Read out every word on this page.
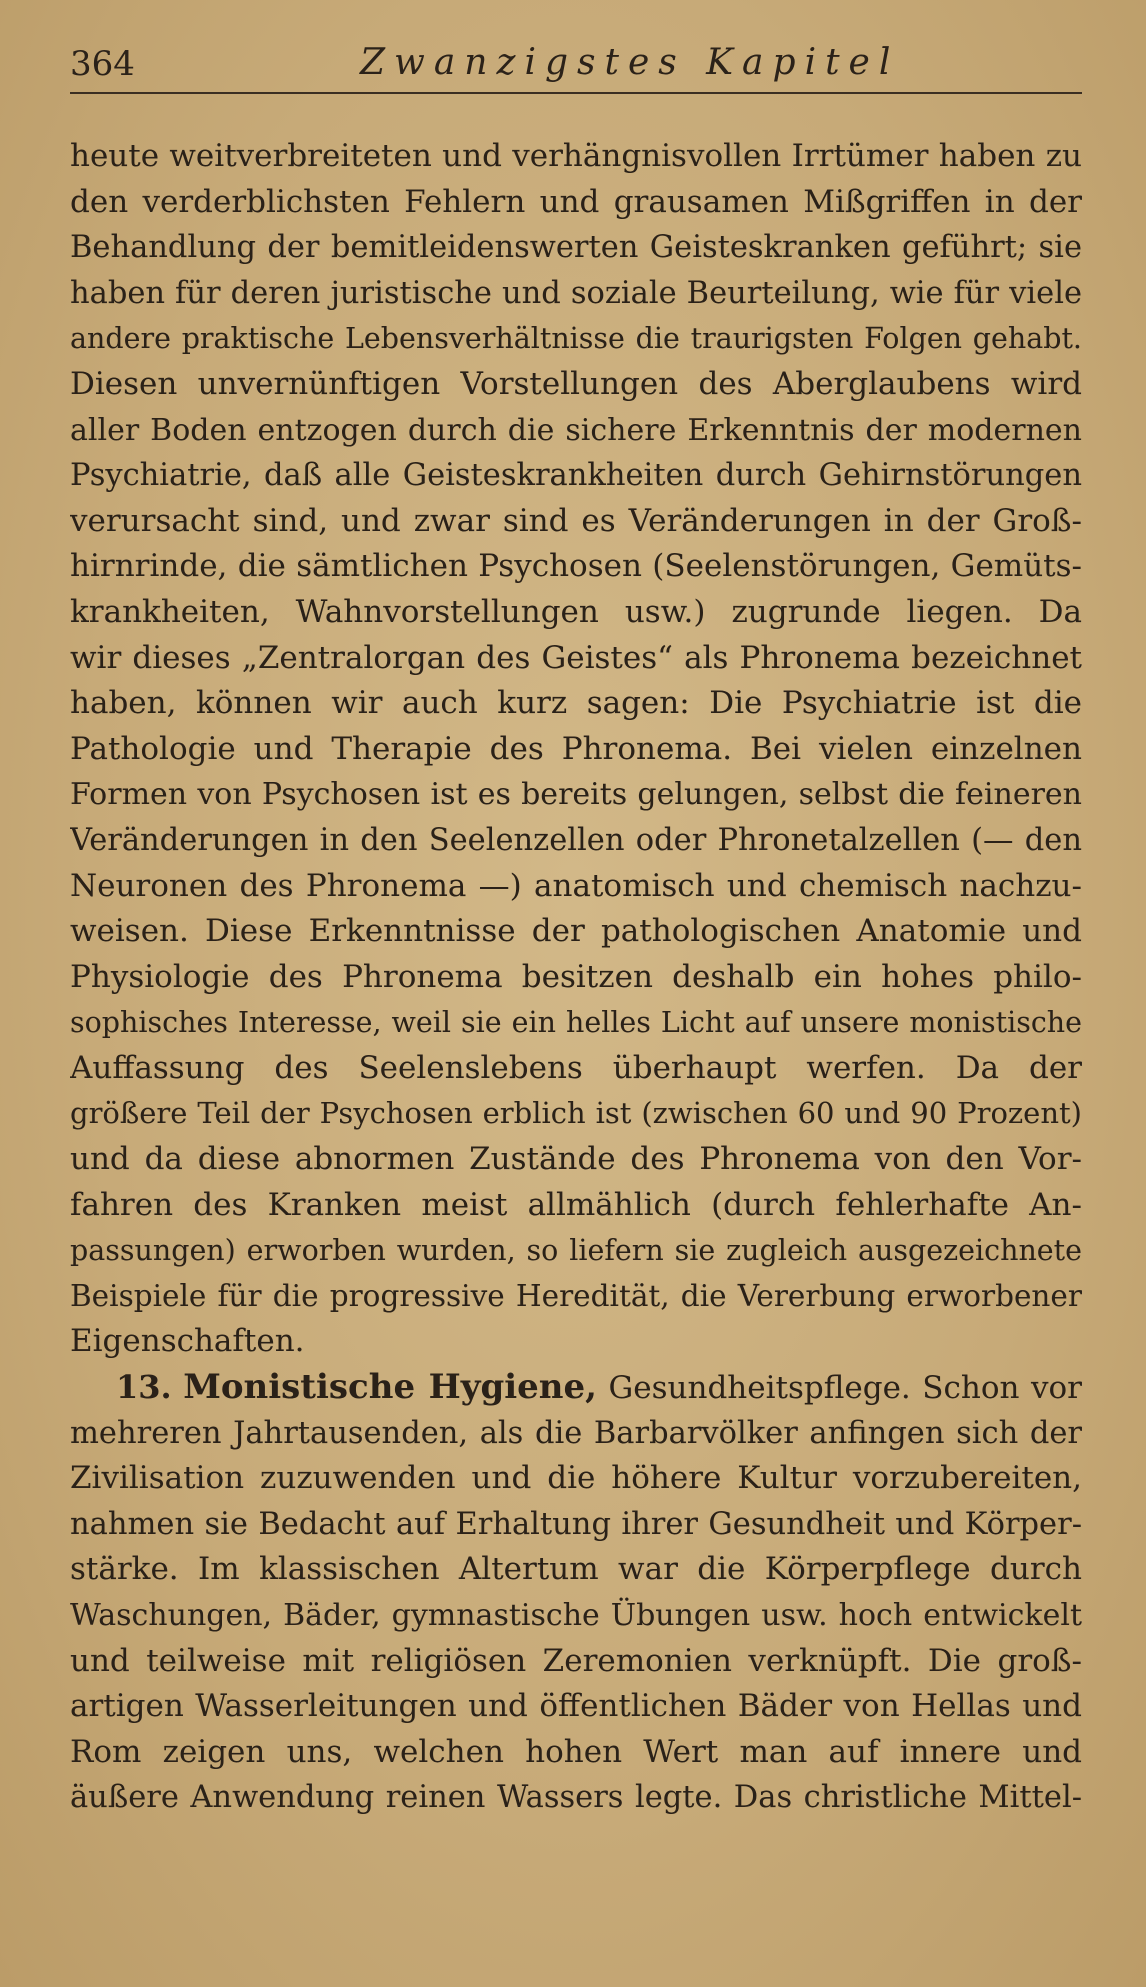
364	Zwanzigstes Kapitel
heute weitverbreiteten und verhängnisvollen Irrtümer haben zu
den verderblichsten Fehlern und grausamen Mißgriffen in der
Behandlung der bemitleidenswerten Geisteskranken geführt; sie
haben für deren juristische und soziale Beurteilung, wie für viele
andere praktische Lebensverhältnisse die traurigsten Folgen gehabt.
Diesen unvernünftigen Vorstellungen des Aberglaubens wird
aller Boden entzogen durch die sichere Erkenntnis der modernen
Psychiatrie, daß alle Geisteskrankheiten durch Gehirnstörungen
verursacht sind, und zwar sind es Veränderungen in der Groß-
hirnrinde, die sämtlichen Psychosen (Seelenstörungen, Gemüts-
krankheiten, Wahnvorstellungen usw.) zugrunde liegen. Da
wir dieses „Zentralorgan des Geistes“ als Phronema bezeichnet
haben, können wir auch kurz sagen: Die Psychiatrie ist die
Pathologie und Therapie des Phronema. Bei vielen einzelnen
Formen von Psychosen ist es bereits gelungen, selbst die feineren
Veränderungen in den Seelenzellen oder Phronetalzellen (— den
Neuronen des Phronema —) anatomisch und chemisch nachzu-
weisen. Diese Erkenntnisse der pathologischen Anatomie und
Physiologie des Phronema besitzen deshalb ein hohes philo-
sophisches Interesse, weil sie ein helles Licht auf unsere monistische
Auffassung des Seelenslebens überhaupt werfen. Da der
größere Teil der Psychosen erblich ist (zwischen 60 und 90 Prozent)
und da diese abnormen Zustände des Phronema von den Vor-
fahren des Kranken meist allmählich (durch fehlerhafte An-
passungen) erworben wurden, so liefern sie zugleich ausgezeichnete
Beispiele für die progressive Heredität, die Vererbung erworbener
Eigenschaften.
13. Monistische Hygiene, Gesundheitspflege. Schon vor
mehreren Jahrtausenden, als die Barbarvölker anfingen sich der
Zivilisation zuzuwenden und die höhere Kultur vorzubereiten,
nahmen sie Bedacht auf Erhaltung ihrer Gesundheit und Körper-
stärke. Im klassischen Altertum war die Körperpflege durch
Waschungen, Bäder, gymnastische Übungen usw. hoch entwickelt
und teilweise mit religiösen Zeremonien verknüpft. Die groß-
artigen Wasserleitungen und öffentlichen Bäder von Hellas und
Rom zeigen uns, welchen hohen Wert man auf innere und
äußere Anwendung reinen Wassers legte. Das christliche Mittel-
